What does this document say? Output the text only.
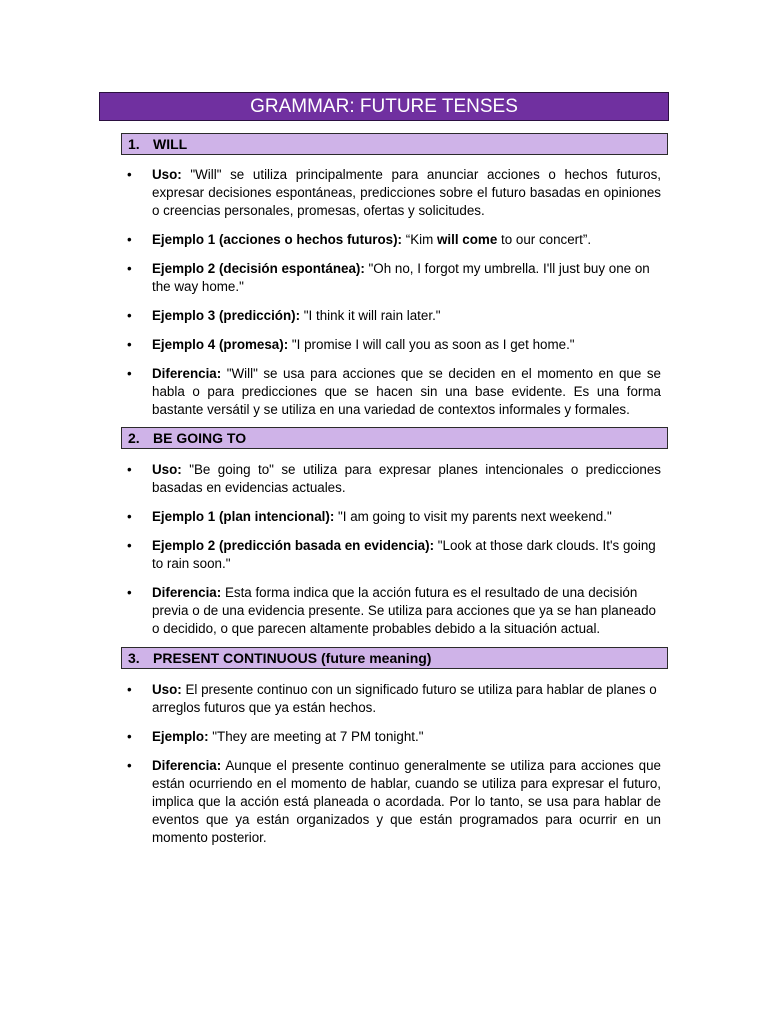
GRAMMAR: FUTURE TENSES
1. WILL
• Uso: "Will" se utiliza principalmente para anunciar acciones o hechos futuros, expresar decisiones espontáneas, predicciones sobre el futuro basadas en opiniones o creencias personales, promesas, ofertas y solicitudes.
• Ejemplo 1 (acciones o hechos futuros): “Kim will come to our concert”.
• Ejemplo 2 (decisión espontánea): "Oh no, I forgot my umbrella. I'll just buy one on the way home."
• Ejemplo 3 (predicción): "I think it will rain later."
• Ejemplo 4 (promesa): "I promise I will call you as soon as I get home."
• Diferencia: "Will" se usa para acciones que se deciden en el momento en que se habla o para predicciones que se hacen sin una base evidente. Es una forma bastante versátil y se utiliza en una variedad de contextos informales y formales.
2. BE GOING TO
• Uso: "Be going to" se utiliza para expresar planes intencionales o predicciones basadas en evidencias actuales.
• Ejemplo 1 (plan intencional): "I am going to visit my parents next weekend."
• Ejemplo 2 (predicción basada en evidencia): "Look at those dark clouds. It's going to rain soon."
• Diferencia: Esta forma indica que la acción futura es el resultado de una decisión previa o de una evidencia presente. Se utiliza para acciones que ya se han planeado o decidido, o que parecen altamente probables debido a la situación actual.
3. PRESENT CONTINUOUS (future meaning)
• Uso: El presente continuo con un significado futuro se utiliza para hablar de planes o arreglos futuros que ya están hechos.
• Ejemplo: "They are meeting at 7 PM tonight."
• Diferencia: Aunque el presente continuo generalmente se utiliza para acciones que están ocurriendo en el momento de hablar, cuando se utiliza para expresar el futuro, implica que la acción está planeada o acordada. Por lo tanto, se usa para hablar de eventos que ya están organizados y que están programados para ocurrir en un momento posterior.
